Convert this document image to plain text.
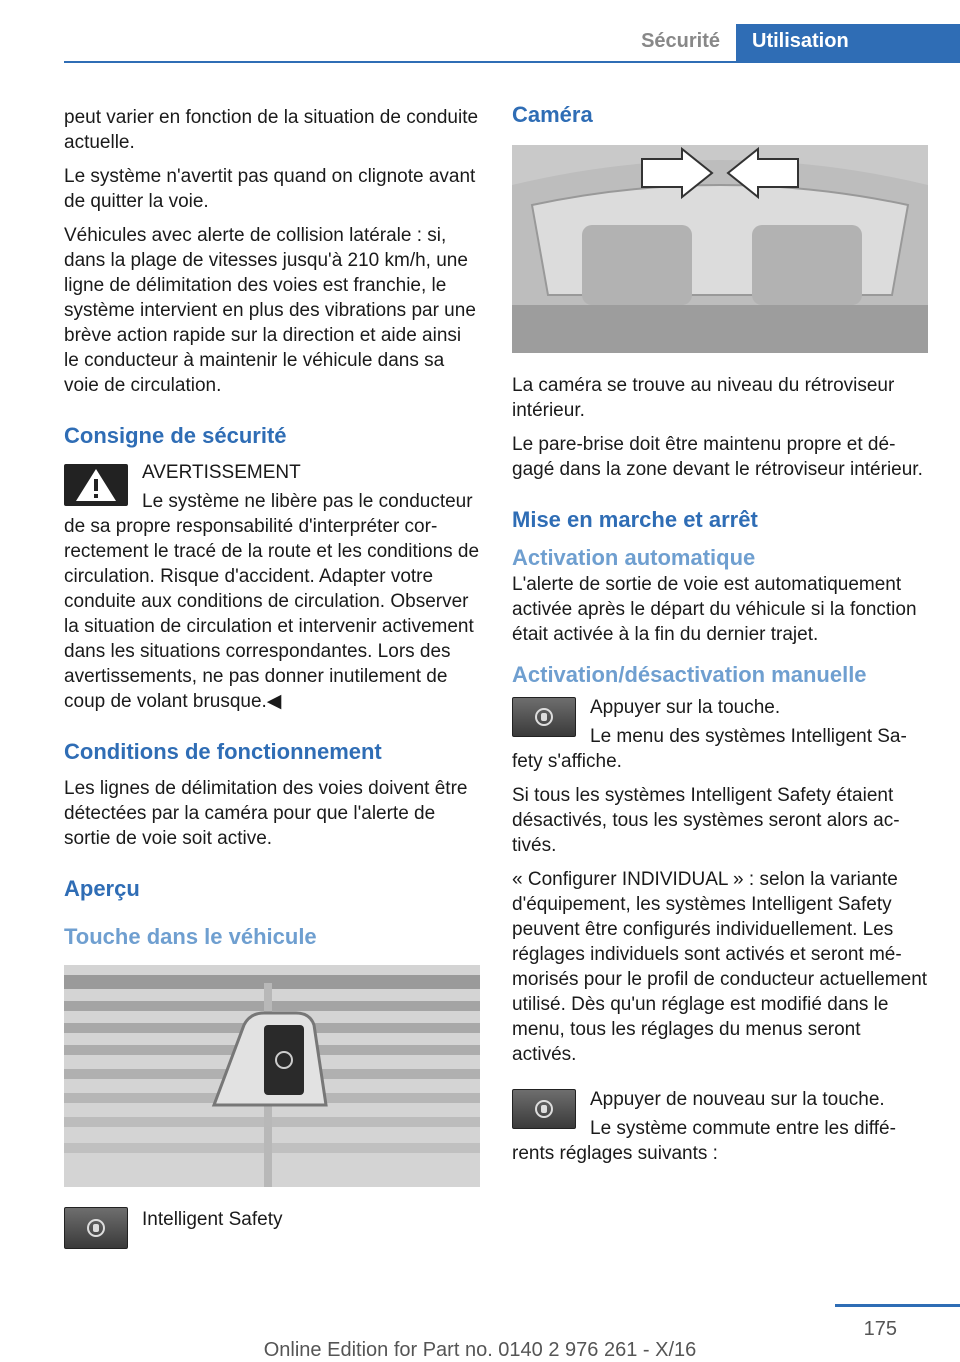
Sécurité	Utilisation

peut varier en fonction de la situation de conduite actuelle.

Le système n'avertit pas quand on clignote avant de quitter la voie.

Véhicules avec alerte de collision latérale : si, dans la plage de vitesses jusqu'à 210 km/h, une ligne de délimitation des voies est franchie, le système intervient en plus des vibrations par une brève action rapide sur la direction et aide ainsi le conducteur à maintenir le véhicule dans sa voie de circulation.

Consigne de sécurité

AVERTISSEMENT

Le système ne libère pas le conducteur de sa propre responsabilité d'interpréter correctement le tracé de la route et les conditions de circulation. Risque d'accident. Adapter votre conduite aux conditions de circulation. Observer la situation de circulation et intervenir activement dans les situations correspondantes. Lors des avertissements, ne pas donner inutilement de coup de volant brusque.◀

Conditions de fonctionnement

Les lignes de délimitation des voies doivent être détectées par la caméra pour que l'alerte de sortie de voie soit active.

Aperçu
Touche dans le véhicule

Intelligent Safety

Caméra

La caméra se trouve au niveau du rétroviseur intérieur.

Le pare-brise doit être maintenu propre et dégagé dans la zone devant le rétroviseur intérieur.

Mise en marche et arrêt
Activation automatique

L'alerte de sortie de voie est automatiquement activée après le départ du véhicule si la fonction était activée à la fin du dernier trajet.

Activation/désactivation manuelle

Appuyer sur la touche.

Le menu des systèmes Intelligent Safety s'affiche.

Si tous les systèmes Intelligent Safety étaient désactivés, tous les systèmes seront alors activés.

« Configurer INDIVIDUAL » : selon la variante d'équipement, les systèmes Intelligent Safety peuvent être configurés individuellement. Les réglages individuels sont activés et seront mémorisés pour le profil de conducteur actuellement utilisé. Dès qu'un réglage est modifié dans le menu, tous les réglages du menus seront activés.

Appuyer de nouveau sur la touche.

Le système commute entre les différents réglages suivants :

175
Online Edition for Part no. 0140 2 976 261 - X/16
